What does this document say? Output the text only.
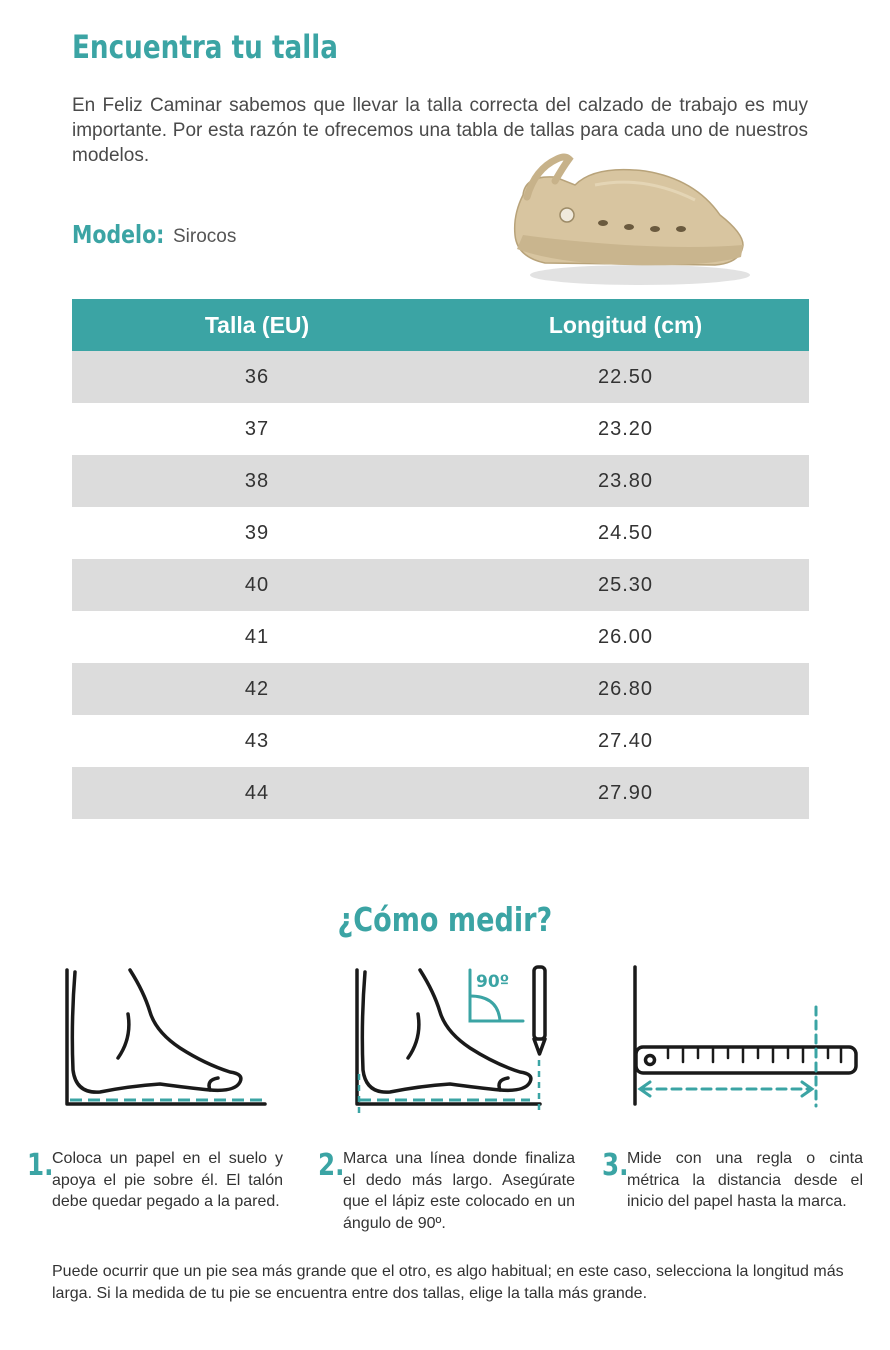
Encuentra tu talla

En Feliz Caminar sabemos que llevar la talla correcta del calzado de trabajo es muy importante. Por esta razón te ofrecemos una tabla de tallas para cada uno de nuestros modelos.

Modelo: Sirocos
Talla (EU)	Longitud (cm)
36	22.50
37	23.20
38	23.80
39	24.50
40	25.30
41	26.00
42	26.80
43	27.40
44	27.90
¿Cómo medir?
90º
1.

Coloca un papel en el suelo y apoya el pie sobre él. El talón debe quedar pegado a la pared.

2.

Marca una línea donde finaliza el dedo más largo. Asegúrate que el lápiz este colocado en un ángulo de 90º.

3.

Mide con una regla o cinta métrica la distancia desde el inicio del papel hasta la marca.

Puede ocurrir que un pie sea más grande que el otro, es algo habitual; en este caso, selecciona la longitud más larga. Si la medida de tu pie se encuentra entre dos tallas, elige la talla más grande.
